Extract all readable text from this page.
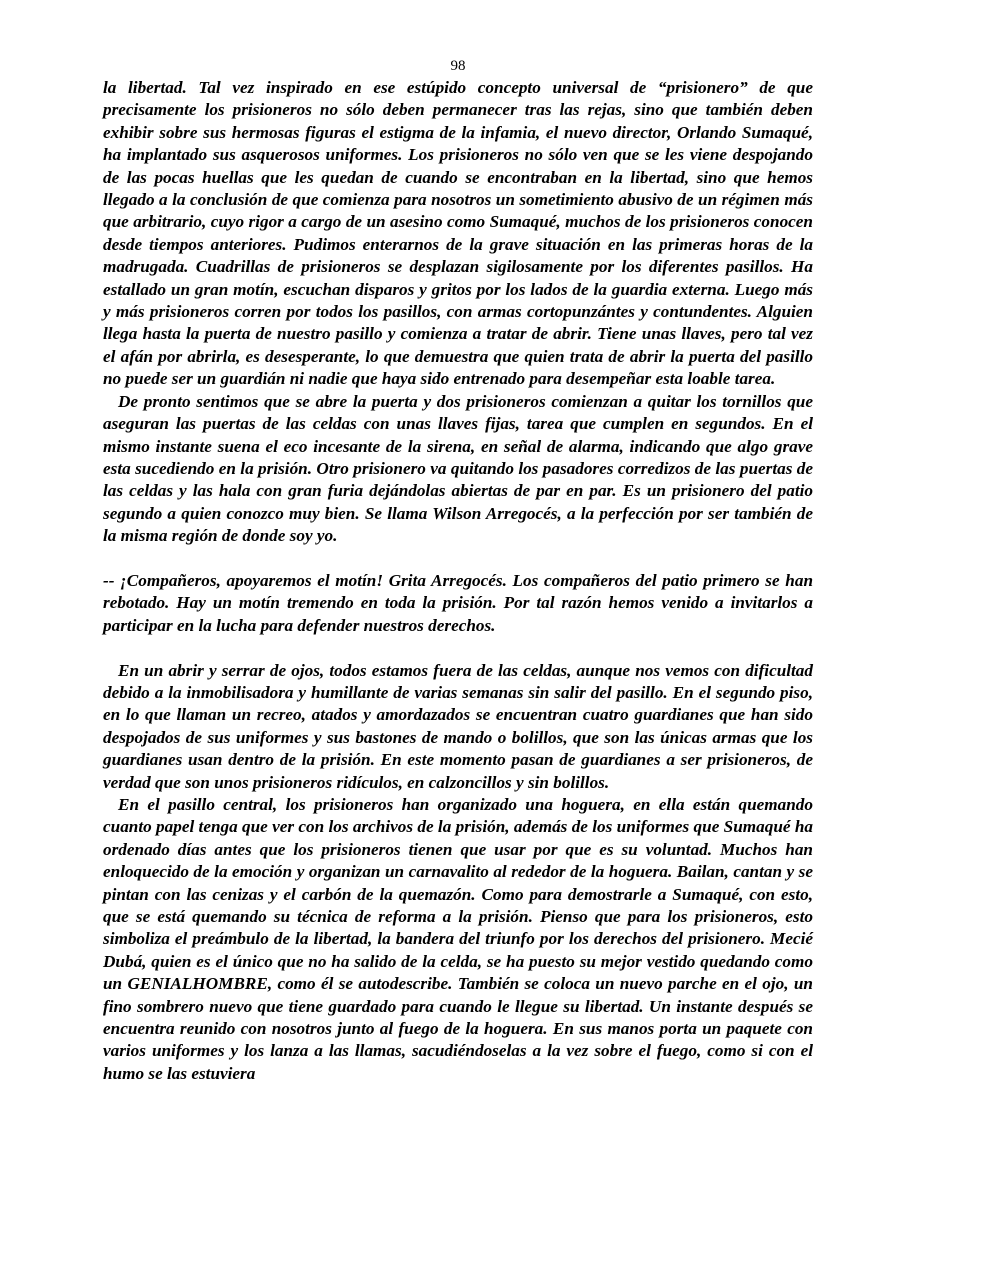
98

la libertad. Tal vez inspirado en ese estúpido concepto universal de “prisionero” de que precisamente los prisioneros no sólo deben permanecer tras las rejas, sino que también deben exhibir sobre sus hermosas figuras el estigma de la infamia, el nuevo director, Orlando Sumaqué, ha implantado sus asquerosos uniformes. Los prisioneros no sólo ven que se les viene despojando de las pocas huellas que les quedan de cuando se encontraban en la libertad, sino que hemos llegado a la conclusión de que comienza para nosotros un sometimiento abusivo de un régimen más que arbitrario, cuyo rigor a cargo de un asesino como Sumaqué, muchos de los prisioneros conocen desde tiempos anteriores. Pudimos enterarnos de la grave situación en las primeras horas de la madrugada. Cuadrillas de prisioneros se desplazan sigilosamente por los diferentes pasillos. Ha estallado un gran motín, escuchan disparos y gritos por los lados de la guardia externa. Luego más y más prisioneros corren por todos los pasillos, con armas cortopunzántes y contundentes. Alguien llega hasta la puerta de nuestro pasillo y comienza a tratar de abrir. Tiene unas llaves, pero tal vez el afán por abrirla, es desesperante, lo que demuestra que quien trata de abrir la puerta del pasillo no puede ser un guardián ni nadie que haya sido entrenado para desempeñar esta loable tarea.

De pronto sentimos que se abre la puerta y dos prisioneros comienzan a quitar los tornillos que aseguran las puertas de las celdas con unas llaves fijas, tarea que cumplen en segundos. En el mismo instante suena el eco incesante de la sirena, en señal de alarma, indicando que algo grave esta sucediendo en la prisión. Otro prisionero va quitando los pasadores corredizos de las puertas de las celdas y las hala con gran furia dejándolas abiertas de par en par. Es un prisionero del patio segundo a quien conozco muy bien. Se llama Wilson Arregocés, a la perfección por ser también de la misma región de donde soy yo.

-- ¡Compañeros, apoyaremos el motín! Grita Arregocés. Los compañeros del patio primero se han rebotado. Hay un motín tremendo en toda la prisión. Por tal razón hemos venido a invitarlos a participar en la lucha para defender nuestros derechos.

En un abrir y serrar de ojos, todos estamos fuera de las celdas, aunque nos vemos con dificultad debido a la inmobilisadora y humillante de varias semanas sin salir del pasillo. En el segundo piso, en lo que llaman un recreo, atados y amordazados se encuentran cuatro guardianes que han sido despojados de sus uniformes y sus bastones de mando o bolillos, que son las únicas armas que los guardianes usan dentro de la prisión. En este momento pasan de guardianes a ser prisioneros, de verdad que son unos prisioneros ridículos, en calzoncillos y sin bolillos.

En el pasillo central, los prisioneros han organizado una hoguera, en ella están quemando cuanto papel tenga que ver con los archivos de la prisión, además de los uniformes que Sumaqué ha ordenado días antes que los prisioneros tienen que usar por que es su voluntad. Muchos han enloquecido de la emoción y organizan un carnavalito al rededor de la hoguera. Bailan, cantan y se pintan con las cenizas y el carbón de la quemazón. Como para demostrarle a Sumaqué, con esto, que se está quemando su técnica de reforma a la prisión. Pienso que para los prisioneros, esto simboliza el preámbulo de la libertad, la bandera del triunfo por los derechos del prisionero. Mecié Dubá, quien es el único que no ha salido de la celda, se ha puesto su mejor vestido quedando como un GENIALHOMBRE, como él se autodescribe. También se coloca un nuevo parche en el ojo, un fino sombrero nuevo que tiene guardado para cuando le llegue su libertad. Un instante después se encuentra reunido con nosotros junto al fuego de la hoguera. En sus manos porta un paquete con varios uniformes y los lanza a las llamas, sacudiéndoselas a la vez sobre el fuego, como si con el humo se las estuviera
